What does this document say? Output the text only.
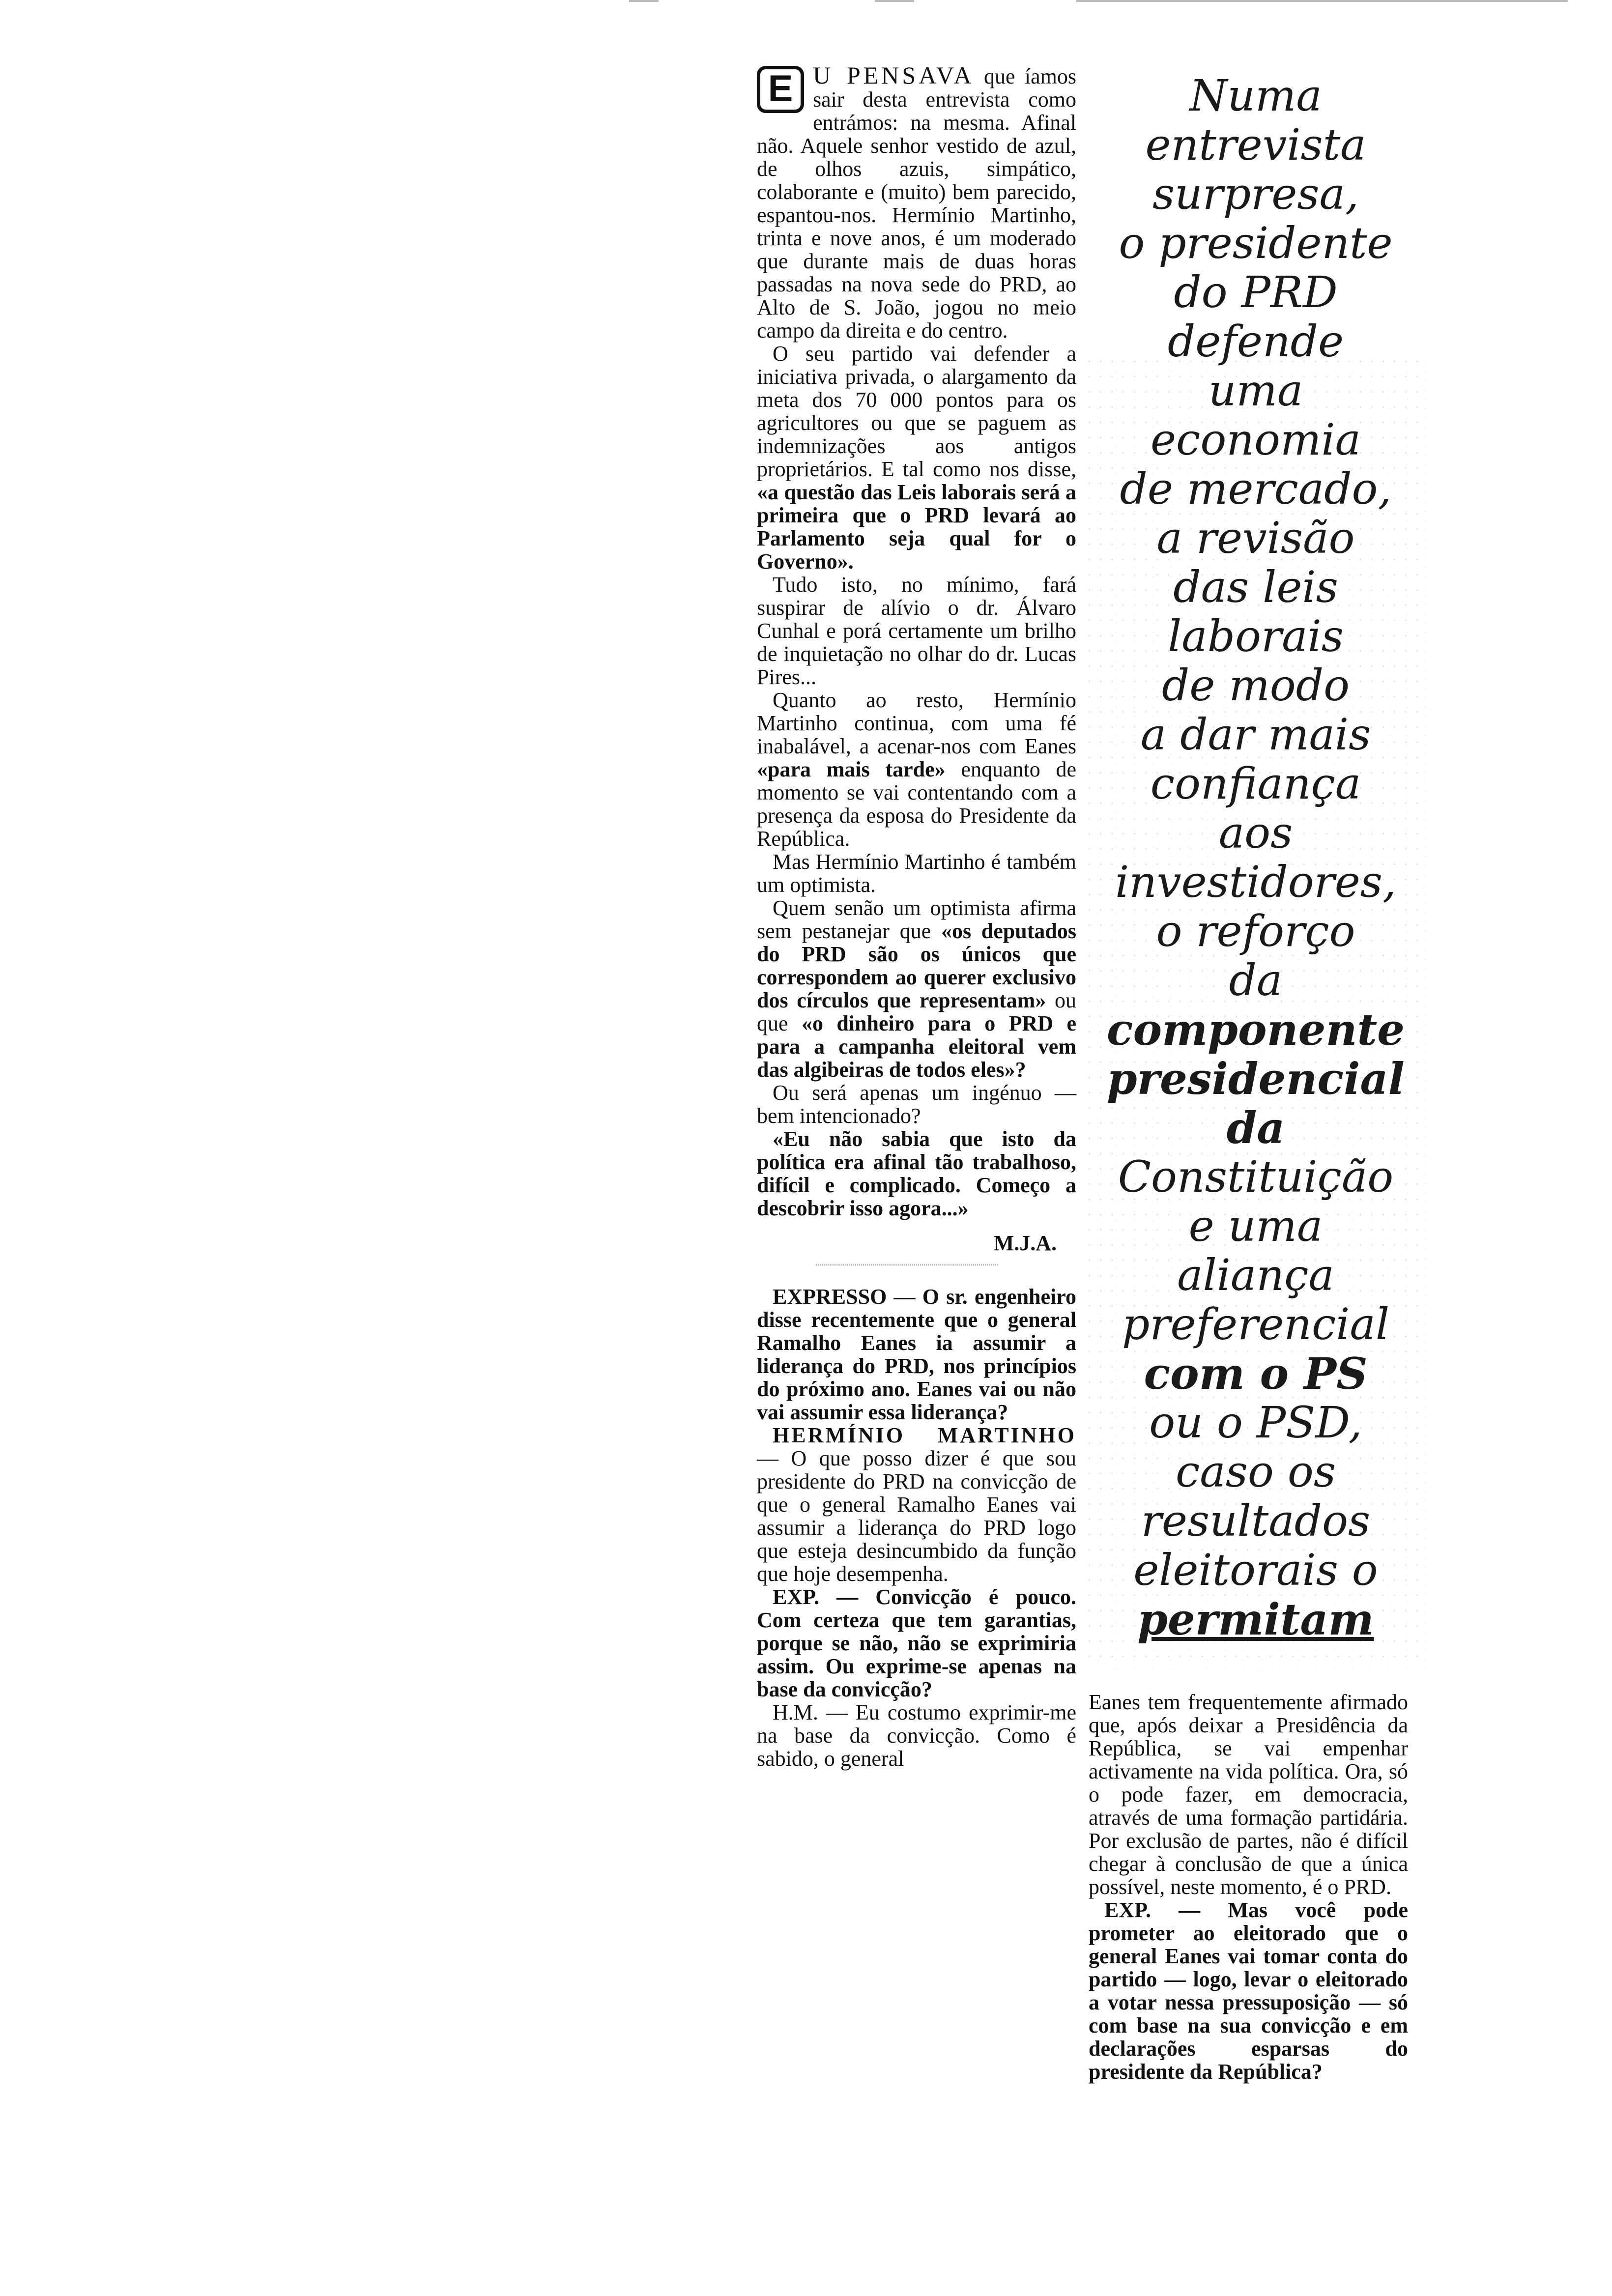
E U PENSAVA que íamos sair desta entrevista como entrámos: na mesma. Afinal não. Aquele senhor vestido de azul, de olhos azuis, simpático, colaborante e (muito) bem parecido, espantou-nos. Hermínio Martinho, trinta e nove anos, é um moderado que durante mais de duas horas passadas na nova sede do PRD, ao Alto de S. João, jogou no meio campo da direita e do centro.

O seu partido vai defender a iniciativa privada, o alargamento da meta dos 70 000 pontos para os agricultores ou que se paguem as indemnizações aos antigos proprietários. E tal como nos disse, «a questão das Leis laborais será a primeira que o PRD levará ao Parlamento seja qual for o Governo».

Tudo isto, no mínimo, fará suspirar de alívio o dr. Álvaro Cunhal e porá certamente um brilho de inquietação no olhar do dr. Lucas Pires...

Quanto ao resto, Hermínio Martinho continua, com uma fé inabalável, a acenar-nos com Eanes «para mais tarde» enquanto de momento se vai contentando com a presença da esposa do Presidente da República.

Mas Hermínio Martinho é também um optimista.

Quem senão um optimista afirma sem pestanejar que «os deputados do PRD são os únicos que correspondem ao querer exclusivo dos círculos que representam» ou que «o dinheiro para o PRD e para a campanha eleitoral vem das algibeiras de todos eles»?

Ou será apenas um ingénuo — bem intencionado?

«Eu não sabia que isto da política era afinal tão trabalhoso, difícil e complicado. Começo a descobrir isso agora...»

M.J.A.

EXPRESSO — O sr. engenheiro disse recentemente que o general Ramalho Eanes ia assumir a liderança do PRD, nos princípios do próximo ano. Eanes vai ou não vai assumir essa liderança?

HERMÍNIO MARTINHO — O que posso dizer é que sou presidente do PRD na convicção de que o general Ramalho Eanes vai assumir a liderança do PRD logo que esteja desincumbido da função que hoje desempenha.

EXP. — Convicção é pouco. Com certeza que tem garantias, porque se não, não se exprimiria assim. Ou exprime-se apenas na base da convicção?

H.M. — Eu costumo exprimir-me na base da convicção. Como é sabido, o general

Numa
entrevista
surpresa,
o presidente
do PRD
defende
uma
economia
de mercado,
a revisão
das leis
laborais
de modo
a dar mais
confiança
aos
investidores,
o reforço
da
componente
presidencial
da
Constituição
e uma
aliança
preferencial
com o PS
ou o PSD,
caso os
resultados
eleitorais o
permitam

Eanes tem frequentemente afirmado que, após deixar a Presidência da República, se vai empenhar activamente na vida política. Ora, só o pode fazer, em democracia, através de uma formação partidária. Por exclusão de partes, não é difícil chegar à conclusão de que a única possível, neste momento, é o PRD.

EXP. — Mas você pode prometer ao eleitorado que o general Eanes vai tomar conta do partido — logo, levar o eleitorado a votar nessa pressuposição — só com base na sua convicção e em declarações esparsas do presidente da República?
